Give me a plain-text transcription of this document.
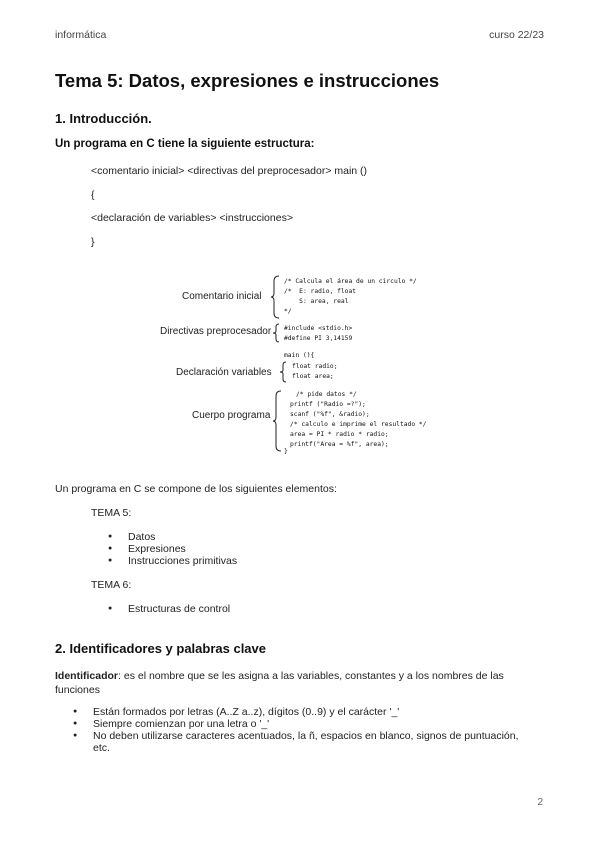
informática	curso 22/23
Tema 5: Datos, expresiones e instrucciones
1. Introducción.
Un programa en C tiene la siguiente estructura:
<comentario inicial> <directivas del preprocesador> main ()
{
<declaración de variables> <instrucciones>
}
Comentario inicial
Directivas preprocesador
Declaración variables
Cuerpo programa
/* Calcula el área de un circulo */
/*  E: radio, float
S: area, real
*/
#include <stdio.h>
#define PI 3,14159
main (){
float radio;
float area;
/* pide datos */
printf ("Radio =?");
scanf ("%f", &radio);
/* calculo e imprime el resultado */
area = PI * radio * radio;
printf("Area = %f", area);
}
Un programa en C se compone de los siguientes elementos:
TEMA 5:
● Datos
● Expresiones
● Instrucciones primitivas
TEMA 6:
● Estructuras de control
2. Identificadores y palabras clave
Identificador: es el nombre que se les asigna a las variables, constantes y a los nombres de las funciones
● Están formados por letras (A..Z a..z), dígitos (0..9) y el carácter '_'
● Siempre comienzan por una letra o '_'
● No deben utilizarse caracteres acentuados, la ñ, espacios en blanco, signos de puntuación, etc.
2
